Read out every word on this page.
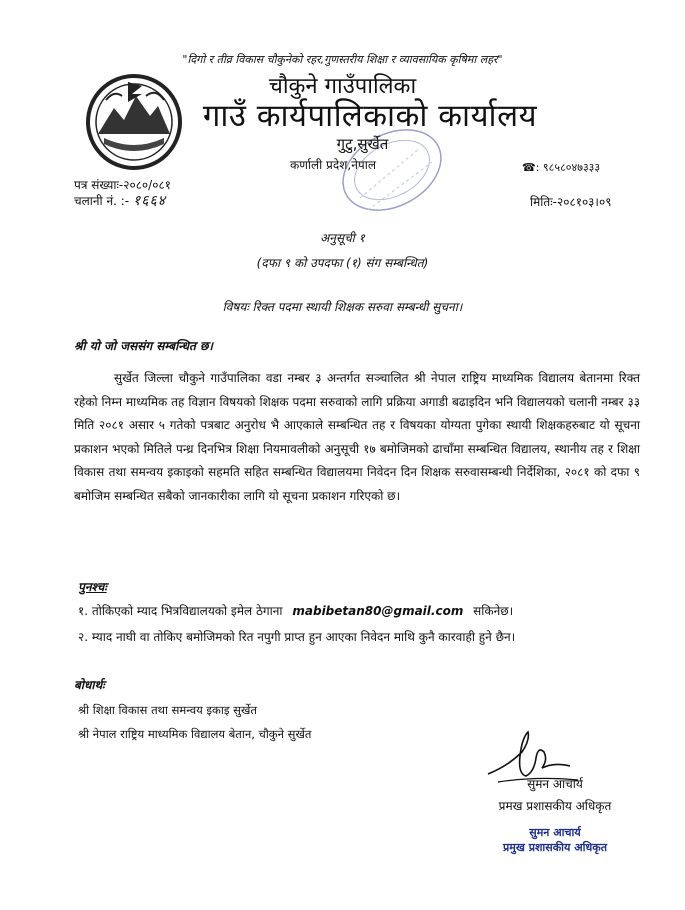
"दिगो र तीव्र विकास चौकुनेको रहर,गुणस्तरीय शिक्षा र व्यावसायिक कृषिमा लहर"
चौकुने गाउँपालिका
गाउँ कार्यपालिकाको कार्यालय
गुटु,सुर्खेत
कर्णाली प्रदेश,नेपाल	☎: ९८५८०४७३३३
पत्र संख्याः-२०८०/०८१
चलानी नं. :- १६६४	मितिः-२०८१०३।०९
अनुसूची १
(दफा ९ को उपदफा (१) संग सम्बन्धित)
विषयः रिक्त पदमा स्थायी शिक्षक सरुवा सम्बन्धी सुचना।
श्री यो जो जससंग सम्बन्धित छ।
सुर्खेत जिल्ला चौकुने गाउँपालिका वडा नम्बर ३ अन्तर्गत सञ्चालित श्री नेपाल राष्ट्रिय माध्यमिक विद्यालय बेतानमा रिक्त रहेको निम्न माध्यमिक तह विज्ञान विषयको शिक्षक पदमा सरुवाको लागि प्रक्रिया अगाडी बढाइदिन भनि विद्यालयको चलानी नम्बर ३३ मिति २०८१ असार ५ गतेको पत्रबाट अनुरोध भै आएकाले सम्बन्धित तह र विषयका योग्यता पुगेका स्थायी शिक्षकहरुबाट यो सूचना प्रकाशन भएको मितिले पन्ध्र दिनभित्र शिक्षा नियमावलीको अनुसूची १७ बमोजिमको ढाचाँमा सम्बन्धित विद्यालय, स्थानीय तह र शिक्षा विकास तथा समन्वय इकाइको सहमति सहित सम्बन्धित विद्यालयमा निवेदन दिन शिक्षक सरुवासम्बन्धी निर्देशिका, २०८१ को दफा ९ बमोजिम सम्बन्धित सबैको जानकारीका लागि यो सूचना प्रकाशन गरिएको छ।
पुनश्चः
१. तोकिएको म्याद भित्रविद्यालयको इमेल ठेगाना mabibetan80@gmail.com सकिनेछ।
२. म्याद नाघी वा तोकिए बमोजिमको रित नपुगी प्राप्त हुन आएका निवेदन माथि कुनै कारवाही हुने छैन।
बोधार्थः
श्री शिक्षा विकास तथा समन्वय इकाइ सुर्खेत
श्री नेपाल राष्ट्रिय माध्यमिक विद्यालय बेतान, चौकुने सुर्खेत
सुमन आचार्य
प्रमख प्रशासकीय अधिकृत
सुमन आचार्य
प्रमुख प्रशासकीय अधिकृत
